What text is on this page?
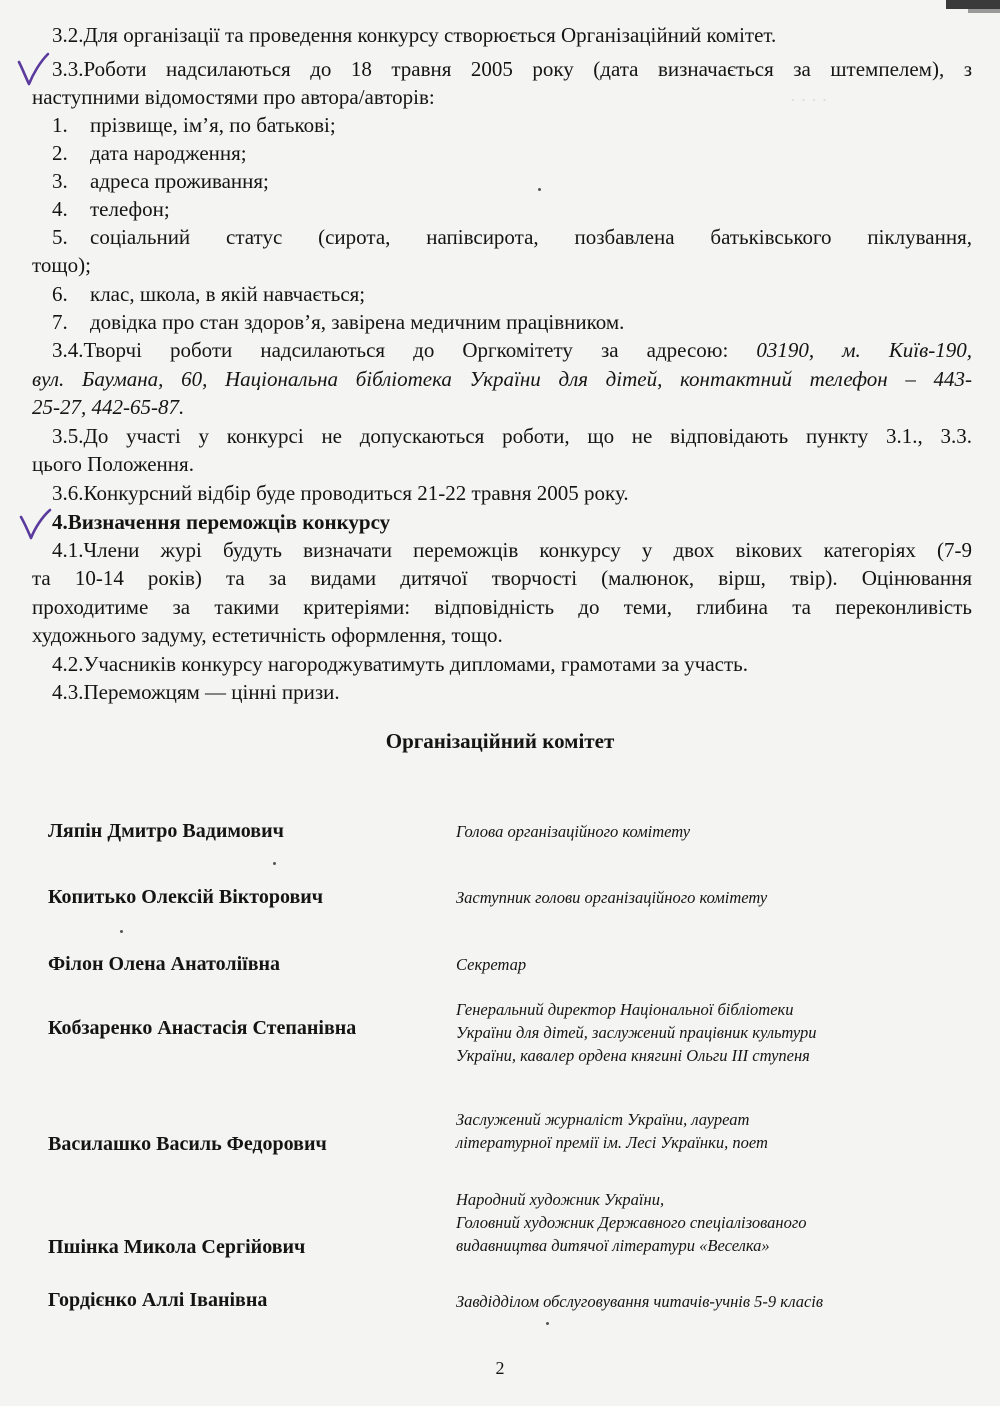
· · · ·
3.2.Для організації та проведення конкурсу створюється Організаційний комітет.
3.3.Роботи надсилаються до 18 травня 2005 року (дата визначається за штемпелем), з
наступними відомостями про автора/авторів:
1. прізвище, ім’я, по батькові;
2. дата народження;
3. адреса проживання;
4. телефон;
5. соціальний статус (сирота, напівсирота, позбавлена батьківського піклування,
тощо);
6. клас, школа, в якій навчається;
7. довідка про стан здоров’я, завірена медичним працівником.
3.4.Творчі роботи надсилаються до Оргкомітету за адресою: 03190, м. Київ-190,
вул. Баумана, 60, Національна бібліотека України для дітей, контактний телефон – 443-
25-27, 442-65-87.
3.5.До участі у конкурсі не допускаються роботи, що не відповідають пункту 3.1., 3.3.
цього Положення.
3.6.Конкурсний відбір буде проводиться 21-22 травня 2005 року.
4.Визначення переможців конкурсу
4.1.Члени журі будуть визначати переможців конкурсу у двох вікових категоріях (7-9
та 10-14 років) та за видами дитячої творчості (малюнок, вірш, твір). Оцінювання
проходитиме за такими критеріями: відповідність до теми, глибина та переконливість
художнього задуму, естетичність оформлення, тощо.
4.2.Учасників конкурсу нагороджуватимуть дипломами, грамотами за участь.
4.3.Переможцям — цінні призи.
Організаційний комітет
Ляпін Дмитро Вадимович	Голова організаційного комітету
Копитько Олексій Вікторович	Заступник голови організаційного комітету
Філон Олена Анатоліївна	Секретар
Кобзаренко Анастасія Степанівна
Генеральний директор Національної бібліотеки
України для дітей, заслужений працівник культури
України, кавалер ордена княгині Ольги ІІІ ступеня
Василашко Василь Федорович
Заслужений журналіст України, лауреат
літературної премії ім. Лесі Українки, поет
Пшінка Микола Сергійович
Народний художник України,
Головний художник Державного спеціалізованого
видавництва дитячої літератури «Веселка»
Гордієнко Аллі Іванівна	Завдідділом обслуговування читачів-учнів 5-9 класів
2
